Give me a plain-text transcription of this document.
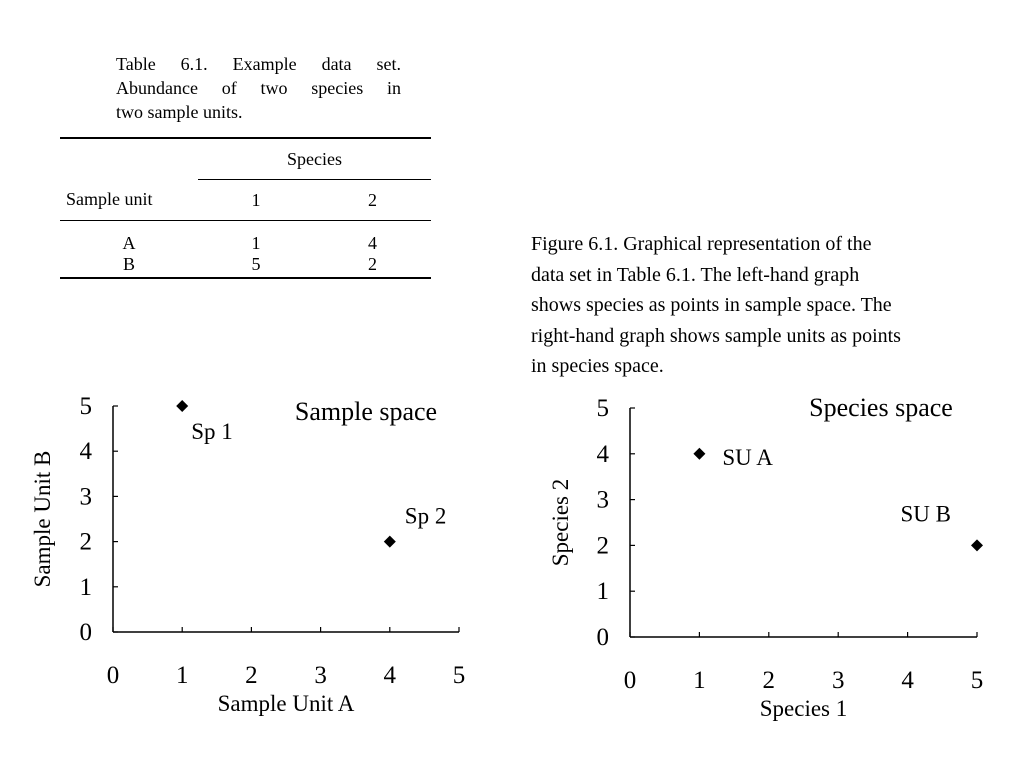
Table 6.1. Example data set.
Abundance of two species in
two sample units.
	Species	
Sample unit	1	2
A	1	4
B	5	2
Figure 6.1. Graphical representation of the
data set in Table 6.1. The left-hand graph
shows species as points in sample space. The
right-hand graph shows sample units as points
in species space.
0 1 2 3 4 5
0
1
2
3
4
5
Sample Unit A
Sample Unit B
Sample space
Sp 1
Sp 2
0 1 2 3 4 5
0
1
2
3
4
5
Species 1
Species 2
Species space
SU A
SU B
